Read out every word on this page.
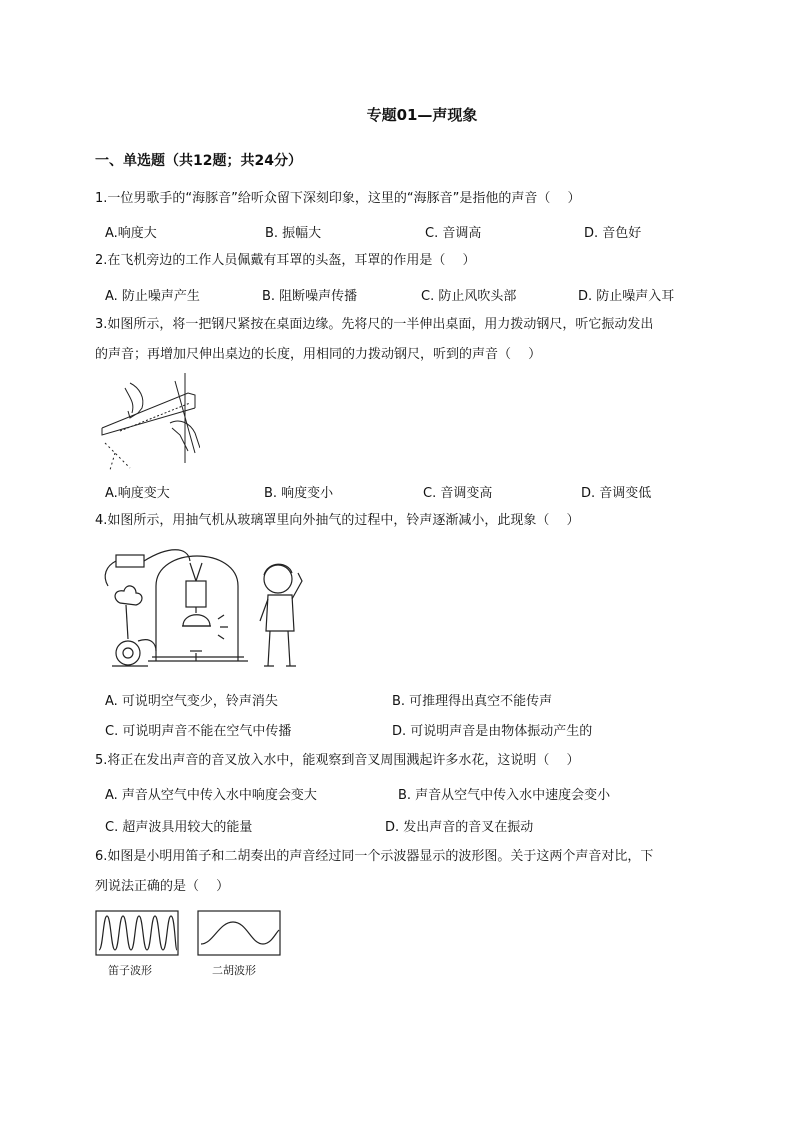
专题01—声现象
一、单选题（共12题；共24分）
1.一位男歌手的“海豚音”给听众留下深刻印象，这里的“海豚音”是指他的声音（　 ）
A.响度大	B. 振幅大	C. 音调高	D. 音色好
2.在飞机旁边的工作人员佩戴有耳罩的头盔，耳罩的作用是（　 ）
A. 防止噪声产生	B. 阻断噪声传播	C. 防止风吹头部	D. 防止噪声入耳
3.如图所示，将一把钢尺紧按在桌面边缘。先将尺的一半伸出桌面，用力拨动钢尺，听它振动发出
的声音；再增加尺伸出桌边的长度，用相同的力拨动钢尺，听到的声音（　 ）
A.响度变大	B. 响度变小	C. 音调变高	D. 音调变低
4.如图所示，用抽气机从玻璃罩里向外抽气的过程中，铃声逐渐减小，此现象（　 ）
A. 可说明空气变少，铃声消失	B. 可推理得出真空不能传声
C. 可说明声音不能在空气中传播	D. 可说明声音是由物体振动产生的
5.将正在发出声音的音叉放入水中，能观察到音叉周围溅起许多水花，这说明（　 ）
A. 声音从空气中传入水中响度会变大	B. 声音从空气中传入水中速度会变小
C. 超声波具用较大的能量	D. 发出声音的音叉在振动
6.如图是小明用笛子和二胡奏出的声音经过同一个示波器显示的波形图。关于这两个声音对比，下
列说法正确的是（　 ）
笛子波形	二胡波形
